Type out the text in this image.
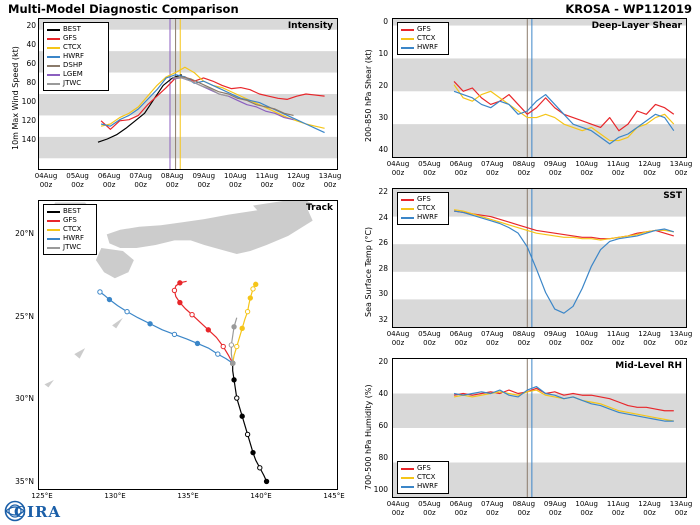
Multi-Model Diagnostic Comparison	KROSA - WP112019
Intensity
BEST
GFS
CTCX
HWRF
DSHP
LGEM
JTWC
10m Max Wind Speed (kt)
20
40
60
80
100
120
140
04Aug
00z
05Aug
00z
06Aug
00z
07Aug
00z
08Aug
00z
09Aug
00z
10Aug
00z
11Aug
00z
12Aug
00z
13Aug
00z
Track
BEST
GFS
CTCX
HWRF
JTWC
20°N
25°N
30°N
35°N
125°E	130°E	135°E	140°E	145°E
Deep-Layer Shear
GFS
CTCX
HWRF
200-850 hPa Shear (kt)
0
10
20
30
40
04Aug
00z
05Aug
00z
06Aug
00z
07Aug
00z
08Aug
00z
09Aug
00z
10Aug
00z
11Aug
00z
12Aug
00z
13Aug
00z
SST
GFS
CTCX
HWRF
Sea Surface Temp (°C)
22
24
26
28
30
32
04Aug
00z
05Aug
00z
06Aug
00z
07Aug
00z
08Aug
00z
09Aug
00z
10Aug
00z
11Aug
00z
12Aug
00z
13Aug
00z
Mid-Level RH
GFS
CTCX
HWRF
700-500 hPa Humidity (%)
20
40
60
80
100
04Aug
00z
05Aug
00z
06Aug
00z
07Aug
00z
08Aug
00z
09Aug
00z
10Aug
00z
11Aug
00z
12Aug
00z
13Aug
00z
CIRA
